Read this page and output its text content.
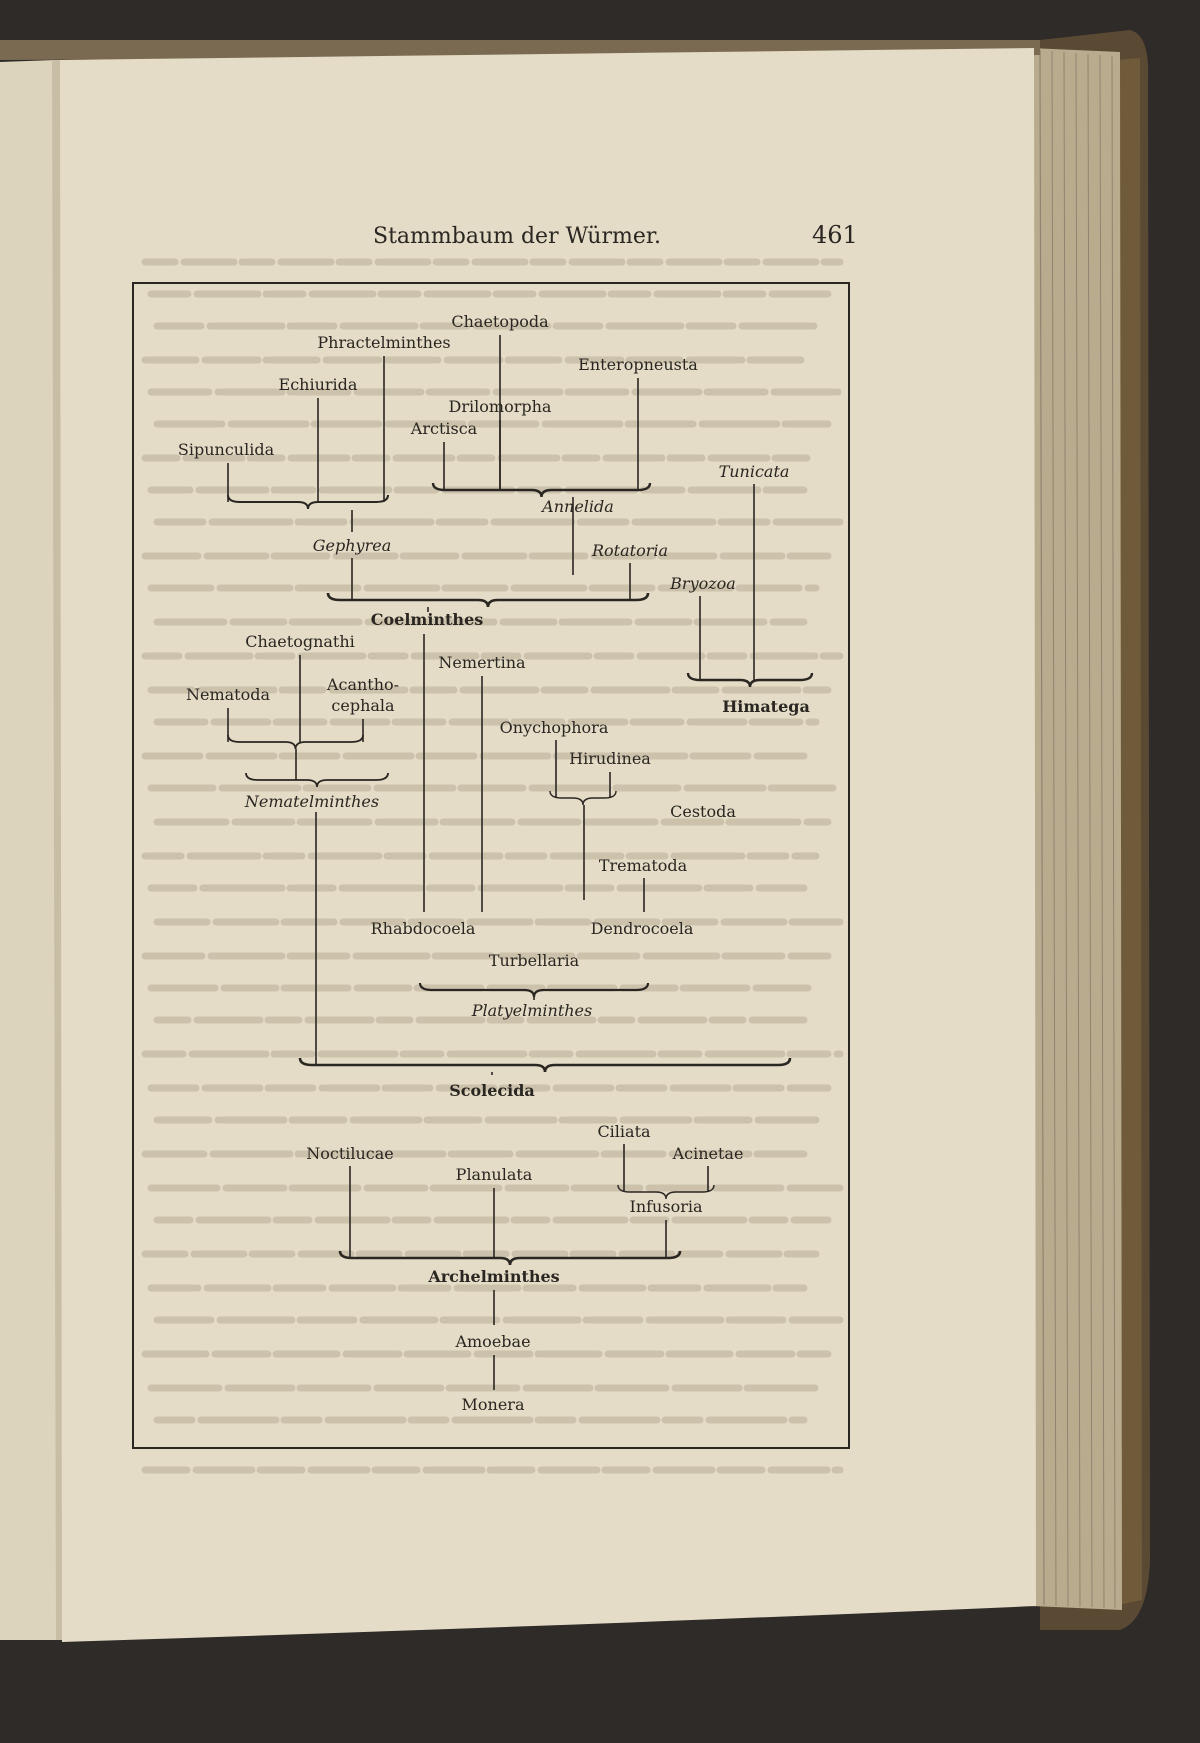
Stammbaum der Würmer.	461
Chaetopoda
Phractelminthes
Enteropneusta
Echiurida
Drilomorpha
Arctisca
Sipunculida
Tunicata
Annelida
Gephyrea	Rotatoria
Bryozoa
Coelminthes
Chaetognathi
Nemertina
Acantho-
cephala
Nematoda
Himatega
Onychophora
Hirudinea
Nematelminthes
Cestoda
Trematoda
Rhabdocoela	Dendrocoela
Turbellaria
Platyelminthes
Scolecida
Ciliata
Noctilucae	Acinetae
Planulata
Infusoria
Archelminthes
Amoebae
Monera
